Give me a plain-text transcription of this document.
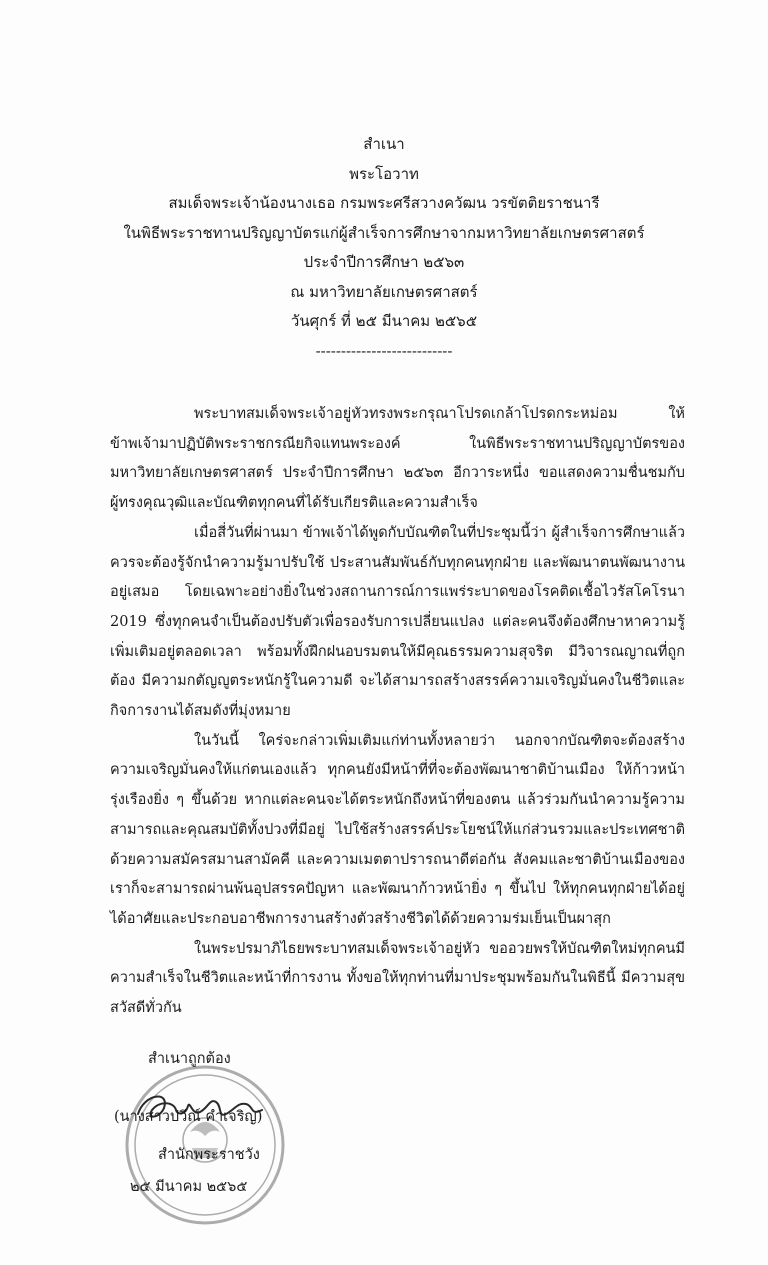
สำเนา
พระโอวาท
สมเด็จพระเจ้าน้องนางเธอ กรมพระศรีสวางควัฒน วรขัตติยราชนารี
ในพิธีพระราชทานปริญญาบัตรแก่ผู้สำเร็จการศึกษาจากมหาวิทยาลัยเกษตรศาสตร์
ประจำปีการศึกษา ๒๕๖๓
ณ มหาวิทยาลัยเกษตรศาสตร์
วันศุกร์ ที่ ๒๕ มีนาคม ๒๕๖๕
---------------------------

พระบาทสมเด็จพระเจ้าอยู่หัวทรงพระกรุณาโปรดเกล้าโปรดกระหม่อม ให้ข้าพเจ้ามาปฏิบัติพระราชกรณียกิจแทนพระองค์ ในพิธีพระราชทานปริญญาบัตรของมหาวิทยาลัยเกษตรศาสตร์ ประจำปีการศึกษา ๒๕๖๓ อีกวาระหนึ่ง ขอแสดงความชื่นชมกับผู้ทรงคุณวุฒิและบัณฑิตทุกคนที่ได้รับเกียรติและความสำเร็จ

เมื่อสี่วันที่ผ่านมา ข้าพเจ้าได้พูดกับบัณฑิตในที่ประชุมนี้ว่า ผู้สำเร็จการศึกษาแล้วควรจะต้องรู้จักนำความรู้มาปรับใช้ ประสานสัมพันธ์กับทุกคนทุกฝ่าย และพัฒนาตนพัฒนางานอยู่เสมอ โดยเฉพาะอย่างยิ่งในช่วงสถานการณ์การแพร่ระบาดของโรคติดเชื้อไวรัสโคโรนา 2019 ซึ่งทุกคนจำเป็นต้องปรับตัวเพื่อรองรับการเปลี่ยนแปลง แต่ละคนจึงต้องศึกษาหาความรู้เพิ่มเติมอยู่ตลอดเวลา พร้อมทั้งฝึกฝนอบรมตนให้มีคุณธรรมความสุจริต มีวิจารณญาณที่ถูกต้อง มีความกตัญญูตระหนักรู้ในความดี จะได้สามารถสร้างสรรค์ความเจริญมั่นคงในชีวิตและกิจการงานได้สมดังที่มุ่งหมาย

ในวันนี้ ใคร่จะกล่าวเพิ่มเติมแก่ท่านทั้งหลายว่า นอกจากบัณฑิตจะต้องสร้างความเจริญมั่นคงให้แก่ตนเองแล้ว ทุกคนยังมีหน้าที่ที่จะต้องพัฒนาชาติบ้านเมือง ให้ก้าวหน้ารุ่งเรืองยิ่ง ๆ ขึ้นด้วย หากแต่ละคนจะได้ตระหนักถึงหน้าที่ของตน แล้วร่วมกันนำความรู้ความสามารถและคุณสมบัติทั้งปวงที่มีอยู่ ไปใช้สร้างสรรค์ประโยชน์ให้แก่ส่วนรวมและประเทศชาติ ด้วยความสมัครสมานสามัคคี และความเมตตาปรารถนาดีต่อกัน สังคมและชาติบ้านเมืองของเราก็จะสามารถผ่านพ้นอุปสรรคปัญหา และพัฒนาก้าวหน้ายิ่ง ๆ ขึ้นไป ให้ทุกคนทุกฝ่ายได้อยู่ได้อาศัยและประกอบอาชีพการงานสร้างตัวสร้างชีวิตได้ด้วยความร่มเย็นเป็นผาสุก

ในพระปรมาภิไธยพระบาทสมเด็จพระเจ้าอยู่หัว ขออวยพรให้บัณฑิตใหม่ทุกคนมีความสำเร็จในชีวิตและหน้าที่การงาน ทั้งขอให้ทุกท่านที่มาประชุมพร้อมกันในพิธีนี้ มีความสุขสวัสดีทั่วกัน

สำเนาถูกต้อง
(นางสาวปวีณ์ คำเจริญ)
สำนักพระราชวัง
๒๕ มีนาคม ๒๕๖๕
